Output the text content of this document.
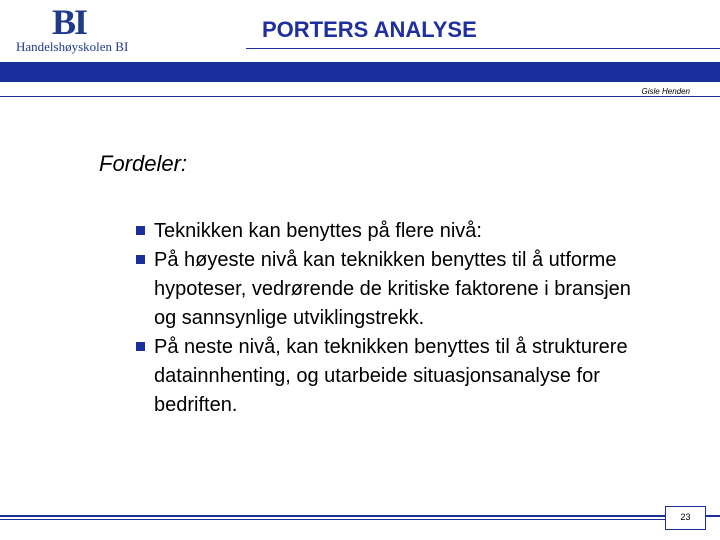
BI
Handelshøyskolen BI
PORTERS ANALYSE
Gisle Henden
Fordeler:
Teknikken kan benyttes på flere nivå:
På høyeste nivå kan teknikken benyttes til å utforme hypoteser, vedrørende de kritiske faktorene i bransjen og sannsynlige utviklingstrekk.
På neste nivå, kan teknikken benyttes til å strukturere datainnhenting, og utarbeide situasjonsanalyse for bedriften.
23
